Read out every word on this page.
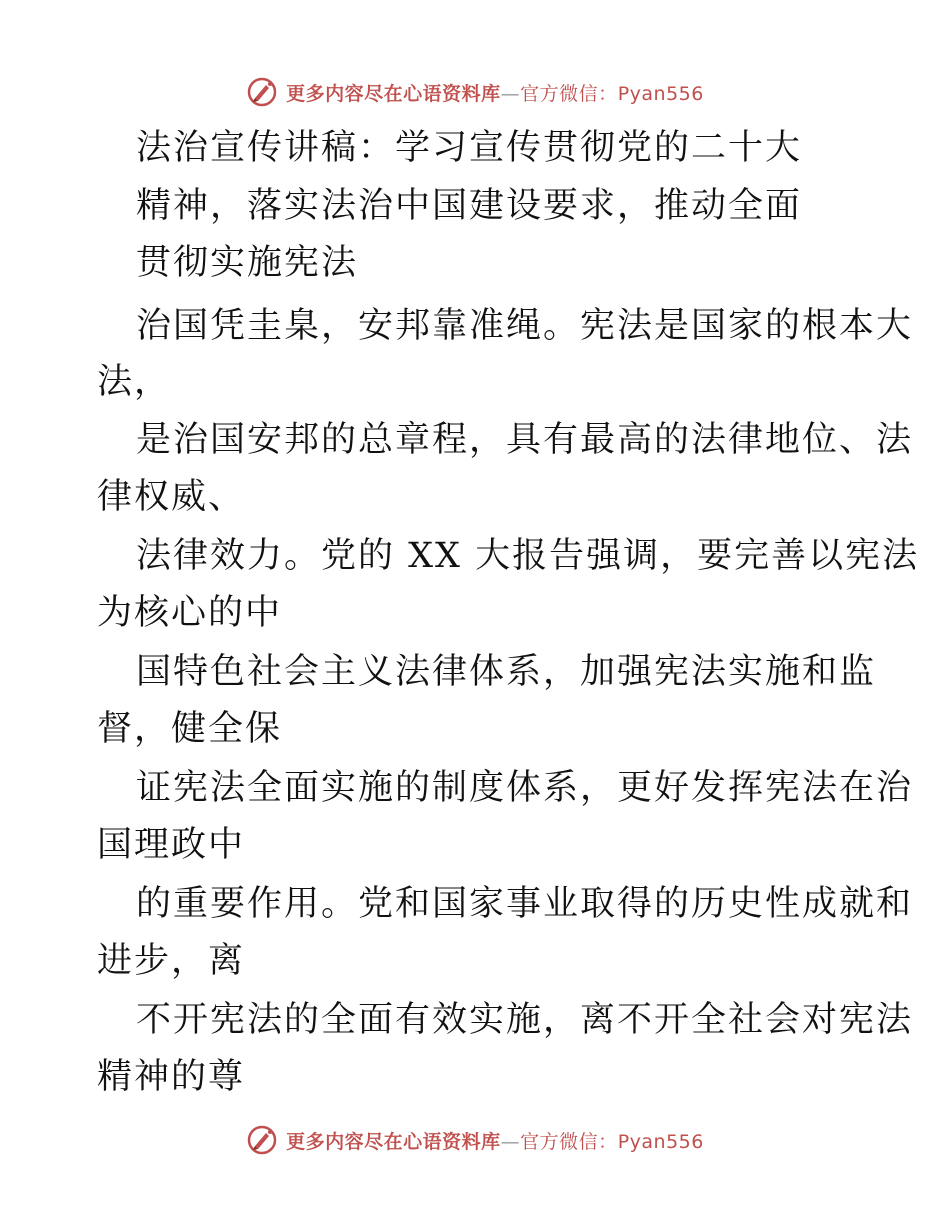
更多内容尽在心语资料库—官方微信：Pyan556
法治宣传讲稿：学习宣传贯彻党的二十大
精神，落实法治中国建设要求，推动全面
贯彻实施宪法
治国凭圭臬，安邦靠准绳。宪法是国家的根本大
法，
是治国安邦的总章程，具有最高的法律地位、法
律权威、
法律效力。党的 XX 大报告强调，要完善以宪法
为核心的中
国特色社会主义法律体系，加强宪法实施和监
督，健全保
证宪法全面实施的制度体系，更好发挥宪法在治
国理政中
的重要作用。党和国家事业取得的历史性成就和
进步，离
不开宪法的全面有效实施，离不开全社会对宪法
精神的尊
更多内容尽在心语资料库—官方微信：Pyan556
